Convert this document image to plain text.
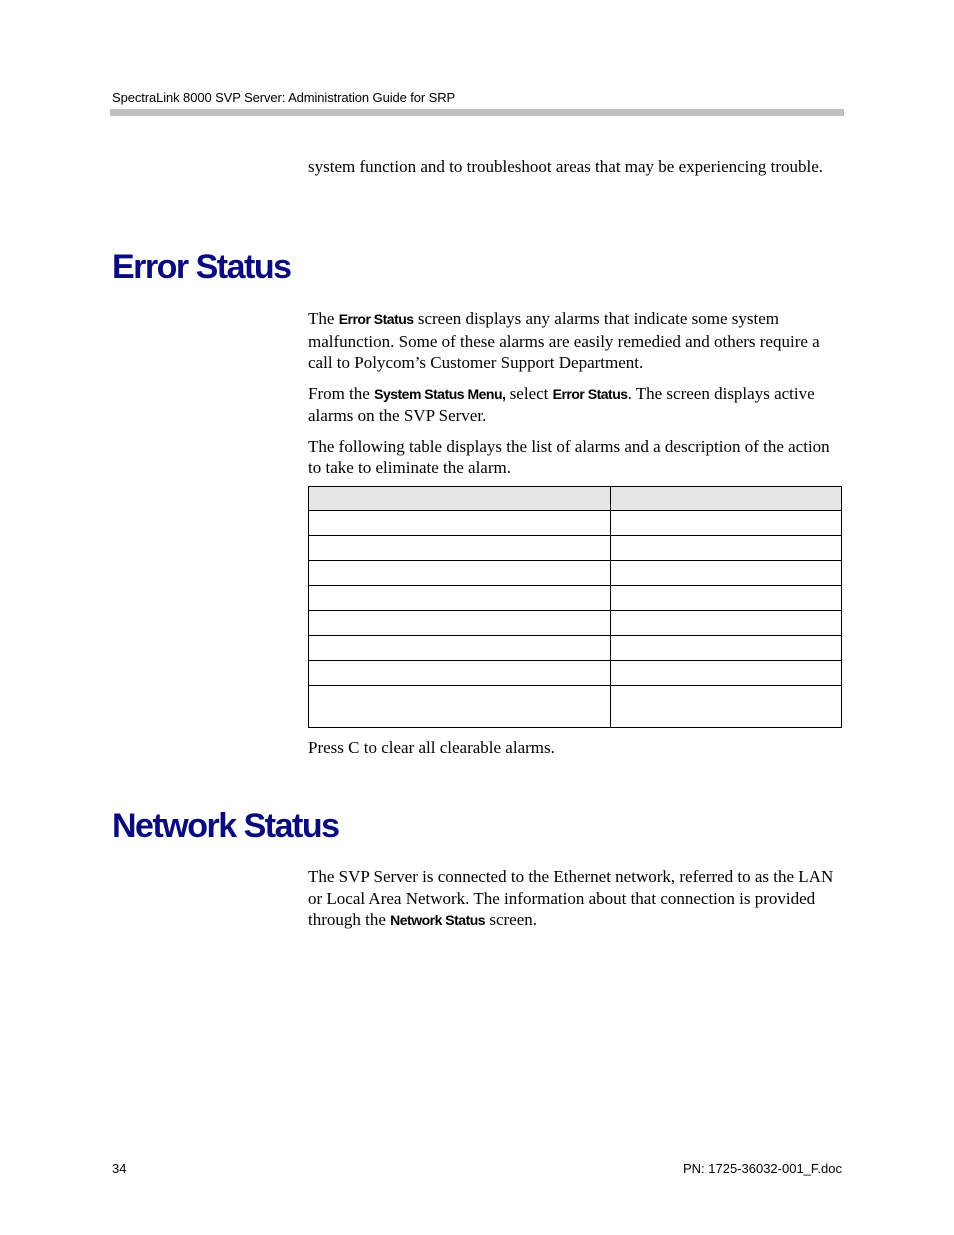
SpectraLink 8000 SVP Server: Administration Guide for SRP

system function and to troubleshoot areas that may be experiencing trouble.

Error Status

The Error Status screen displays any alarms that indicate some system malfunction. Some of these alarms are easily remedied and others require a call to Polycom’s Customer Support Department.

From the System Status Menu, select Error Status. The screen displays active alarms on the SVP Server.

The following table displays the list of alarms and a description of the action to take to eliminate the alarm.

Press C to clear all clearable alarms.

Network Status

The SVP Server is connected to the Ethernet network, referred to as the LAN or Local Area Network. The information about that connection is provided through the Network Status screen.

34	PN: 1725-36032-001_F.doc
